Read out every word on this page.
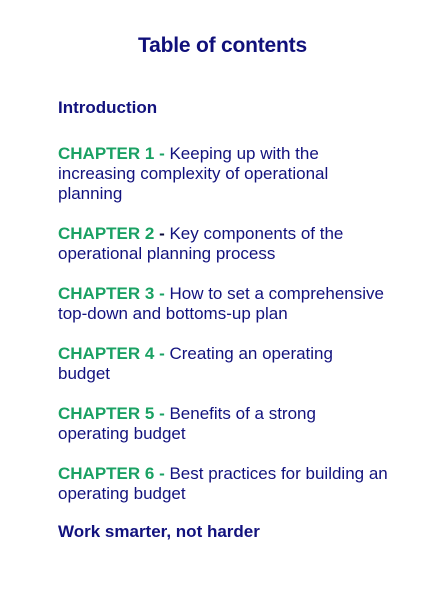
Table of contents
Introduction
CHAPTER 1 - Keeping up with the increasing complexity of operational planning
CHAPTER 2 - Key components of the operational planning process
CHAPTER 3 - How to set a comprehensive top-down and bottoms-up plan
CHAPTER 4 - Creating an operating budget
CHAPTER 5 - Benefits of a strong operating budget
CHAPTER 6 - Best practices for building an operating budget
Work smarter, not harder
